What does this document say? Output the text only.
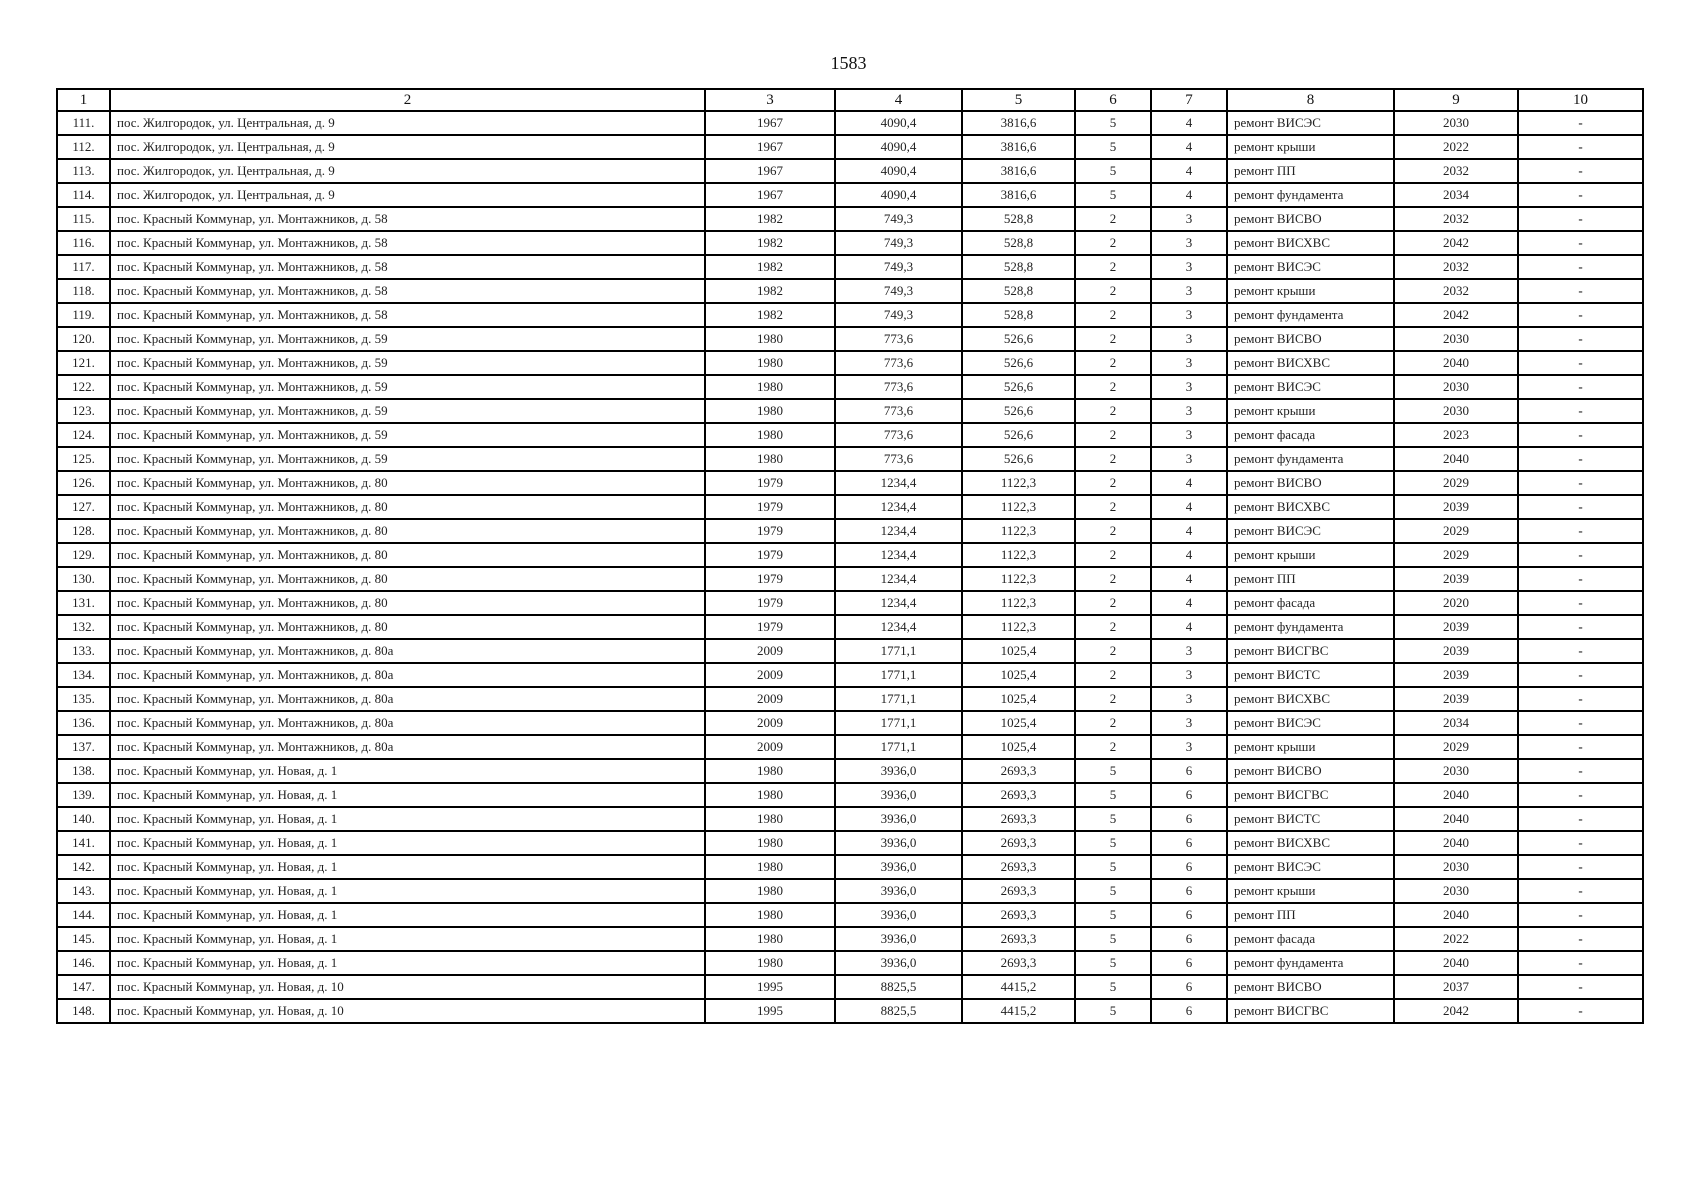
1583
1	2	3	4	5	6	7	8	9	10
111.	пос. Жилгородок, ул. Центральная, д. 9	1967	4090,4	3816,6	5	4	ремонт ВИСЭС	2030	-
112.	пос. Жилгородок, ул. Центральная, д. 9	1967	4090,4	3816,6	5	4	ремонт крыши	2022	-
113.	пос. Жилгородок, ул. Центральная, д. 9	1967	4090,4	3816,6	5	4	ремонт ПП	2032	-
114.	пос. Жилгородок, ул. Центральная, д. 9	1967	4090,4	3816,6	5	4	ремонт фундамента	2034	-
115.	пос. Красный Коммунар, ул. Монтажников, д. 58	1982	749,3	528,8	2	3	ремонт ВИСВО	2032	-
116.	пос. Красный Коммунар, ул. Монтажников, д. 58	1982	749,3	528,8	2	3	ремонт ВИСХВС	2042	-
117.	пос. Красный Коммунар, ул. Монтажников, д. 58	1982	749,3	528,8	2	3	ремонт ВИСЭС	2032	-
118.	пос. Красный Коммунар, ул. Монтажников, д. 58	1982	749,3	528,8	2	3	ремонт крыши	2032	-
119.	пос. Красный Коммунар, ул. Монтажников, д. 58	1982	749,3	528,8	2	3	ремонт фундамента	2042	-
120.	пос. Красный Коммунар, ул. Монтажников, д. 59	1980	773,6	526,6	2	3	ремонт ВИСВО	2030	-
121.	пос. Красный Коммунар, ул. Монтажников, д. 59	1980	773,6	526,6	2	3	ремонт ВИСХВС	2040	-
122.	пос. Красный Коммунар, ул. Монтажников, д. 59	1980	773,6	526,6	2	3	ремонт ВИСЭС	2030	-
123.	пос. Красный Коммунар, ул. Монтажников, д. 59	1980	773,6	526,6	2	3	ремонт крыши	2030	-
124.	пос. Красный Коммунар, ул. Монтажников, д. 59	1980	773,6	526,6	2	3	ремонт фасада	2023	-
125.	пос. Красный Коммунар, ул. Монтажников, д. 59	1980	773,6	526,6	2	3	ремонт фундамента	2040	-
126.	пос. Красный Коммунар, ул. Монтажников, д. 80	1979	1234,4	1122,3	2	4	ремонт ВИСВО	2029	-
127.	пос. Красный Коммунар, ул. Монтажников, д. 80	1979	1234,4	1122,3	2	4	ремонт ВИСХВС	2039	-
128.	пос. Красный Коммунар, ул. Монтажников, д. 80	1979	1234,4	1122,3	2	4	ремонт ВИСЭС	2029	-
129.	пос. Красный Коммунар, ул. Монтажников, д. 80	1979	1234,4	1122,3	2	4	ремонт крыши	2029	-
130.	пос. Красный Коммунар, ул. Монтажников, д. 80	1979	1234,4	1122,3	2	4	ремонт ПП	2039	-
131.	пос. Красный Коммунар, ул. Монтажников, д. 80	1979	1234,4	1122,3	2	4	ремонт фасада	2020	-
132.	пос. Красный Коммунар, ул. Монтажников, д. 80	1979	1234,4	1122,3	2	4	ремонт фундамента	2039	-
133.	пос. Красный Коммунар, ул. Монтажников, д. 80а	2009	1771,1	1025,4	2	3	ремонт ВИСГВС	2039	-
134.	пос. Красный Коммунар, ул. Монтажников, д. 80а	2009	1771,1	1025,4	2	3	ремонт ВИСТС	2039	-
135.	пос. Красный Коммунар, ул. Монтажников, д. 80а	2009	1771,1	1025,4	2	3	ремонт ВИСХВС	2039	-
136.	пос. Красный Коммунар, ул. Монтажников, д. 80а	2009	1771,1	1025,4	2	3	ремонт ВИСЭС	2034	-
137.	пос. Красный Коммунар, ул. Монтажников, д. 80а	2009	1771,1	1025,4	2	3	ремонт крыши	2029	-
138.	пос. Красный Коммунар, ул. Новая, д. 1	1980	3936,0	2693,3	5	6	ремонт ВИСВО	2030	-
139.	пос. Красный Коммунар, ул. Новая, д. 1	1980	3936,0	2693,3	5	6	ремонт ВИСГВС	2040	-
140.	пос. Красный Коммунар, ул. Новая, д. 1	1980	3936,0	2693,3	5	6	ремонт ВИСТС	2040	-
141.	пос. Красный Коммунар, ул. Новая, д. 1	1980	3936,0	2693,3	5	6	ремонт ВИСХВС	2040	-
142.	пос. Красный Коммунар, ул. Новая, д. 1	1980	3936,0	2693,3	5	6	ремонт ВИСЭС	2030	-
143.	пос. Красный Коммунар, ул. Новая, д. 1	1980	3936,0	2693,3	5	6	ремонт крыши	2030	-
144.	пос. Красный Коммунар, ул. Новая, д. 1	1980	3936,0	2693,3	5	6	ремонт ПП	2040	-
145.	пос. Красный Коммунар, ул. Новая, д. 1	1980	3936,0	2693,3	5	6	ремонт фасада	2022	-
146.	пос. Красный Коммунар, ул. Новая, д. 1	1980	3936,0	2693,3	5	6	ремонт фундамента	2040	-
147.	пос. Красный Коммунар, ул. Новая, д. 10	1995	8825,5	4415,2	5	6	ремонт ВИСВО	2037	-
148.	пос. Красный Коммунар, ул. Новая, д. 10	1995	8825,5	4415,2	5	6	ремонт ВИСГВС	2042	-
